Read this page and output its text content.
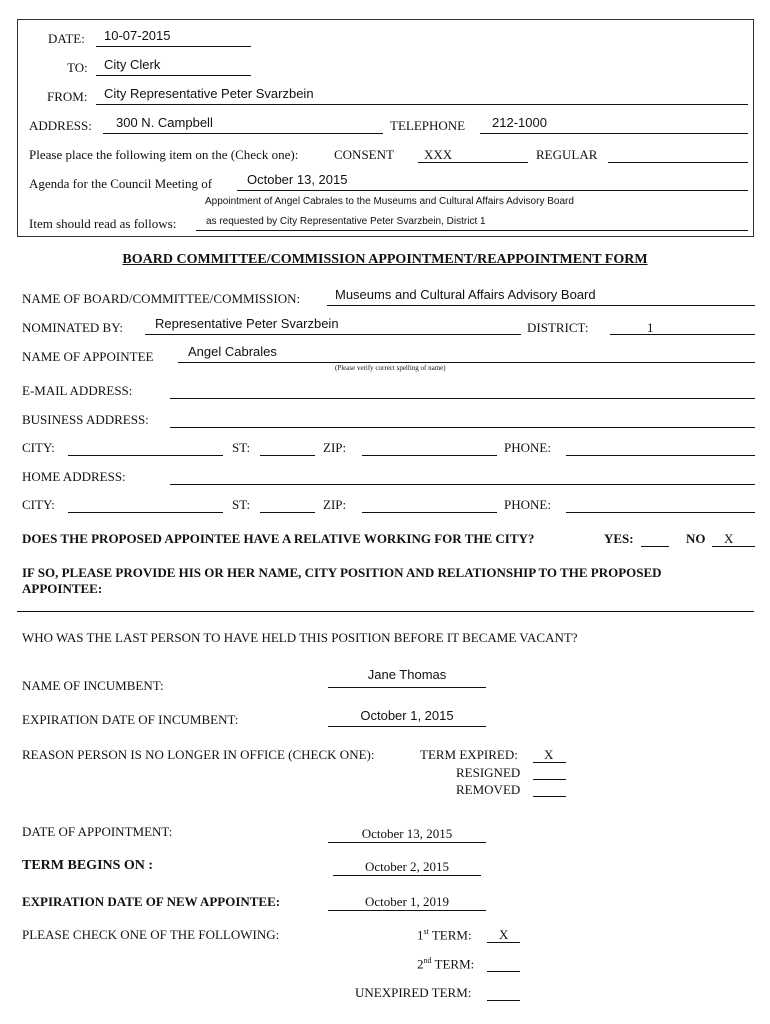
DATE: 10-07-2015
TO: City Clerk
FROM: City Representative Peter Svarzbein
ADDRESS: 300 N. Campbell	TELEPHONE 212-1000
Please place the following item on the (Check one):	CONSENT XXX	REGULAR
Agenda for the Council Meeting of	October 13, 2015
Appointment of Angel Cabrales to the Museums and Cultural Affairs Advisory Board
Item should read as follows:	as requested by City Representative Peter Svarzbein, District 1
BOARD COMMITTEE/COMMISSION APPOINTMENT/REAPPOINTMENT FORM
NAME OF BOARD/COMMITTEE/COMMISSION:	Museums and Cultural Affairs Advisory Board
NOMINATED BY: Representative Peter Svarzbein	DISTRICT:	1
NAME OF APPOINTEE	Angel Cabrales
(Please verify correct spelling of name)
E-MAIL ADDRESS:
BUSINESS ADDRESS:
CITY:	ST:	ZIP:	PHONE:
HOME ADDRESS:
CITY:	ST:	ZIP:	PHONE:
DOES THE PROPOSED APPOINTEE HAVE A RELATIVE WORKING FOR THE CITY?	YES:	NO X
IF SO, PLEASE PROVIDE HIS OR HER NAME, CITY POSITION AND RELATIONSHIP TO THE PROPOSED
APPOINTEE:
WHO WAS THE LAST PERSON TO HAVE HELD THIS POSITION BEFORE IT BECAME VACANT?
NAME OF INCUMBENT:
Jane Thomas
EXPIRATION DATE OF INCUMBENT:	October 1, 2015
REASON PERSON IS NO LONGER IN OFFICE (CHECK ONE):	TERM EXPIRED: X
RESIGNED
REMOVED
DATE OF APPOINTMENT:	October 13, 2015
TERM BEGINS ON :	October 2, 2015
EXPIRATION DATE OF NEW APPOINTEE:	October 1, 2019
PLEASE CHECK ONE OF THE FOLLOWING:	1st TERM: X
2nd TERM:
UNEXPIRED TERM:
